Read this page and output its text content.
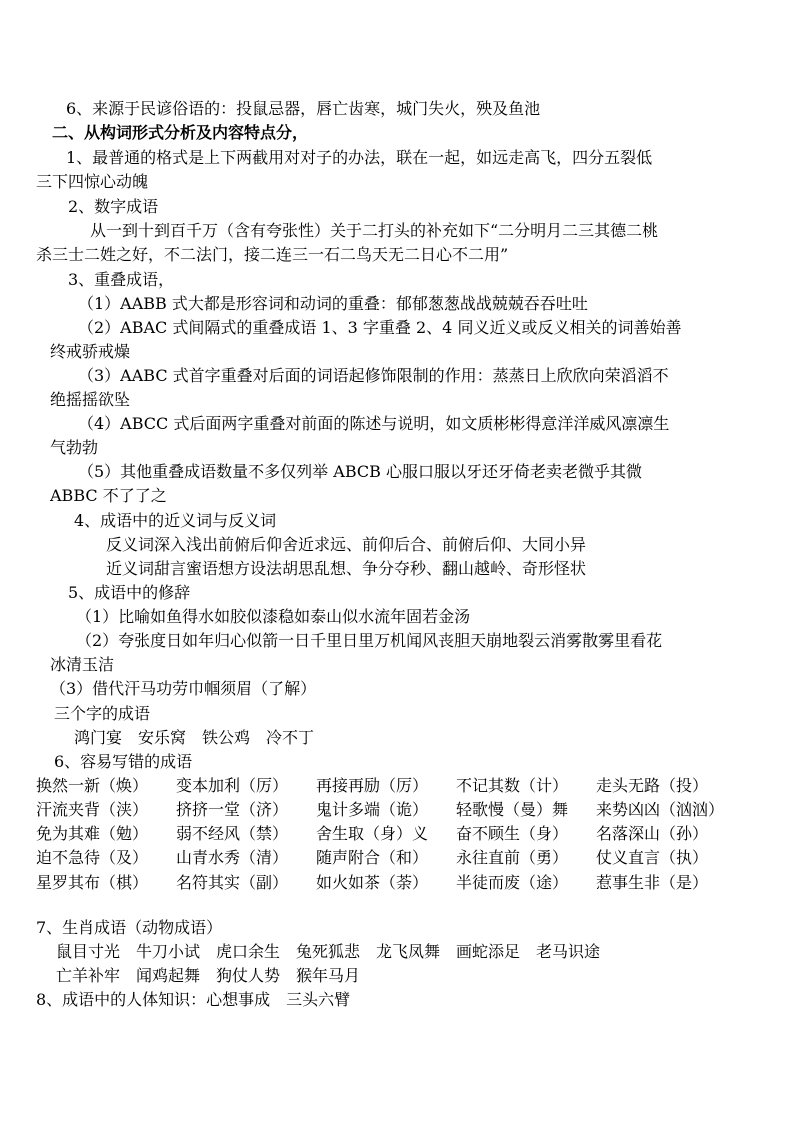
6、来源于民谚俗语的：投鼠忌器，唇亡齿寒，城门失火，殃及鱼池
二、从构词形式分析及内容特点分，
1、最普通的格式是上下两截用对对子的办法，联在一起，如远走高飞，四分五裂低
三下四惊心动魄
2、数字成语
从一到十到百千万（含有夸张性）关于二打头的补充如下“二分明月二三其德二桃
杀三士二姓之好，不二法门，接二连三一石二鸟天无二日心不二用”
3、重叠成语，
（1）AABB 式大都是形容词和动词的重叠：郁郁葱葱战战兢兢吞吞吐吐
（2）ABAC 式间隔式的重叠成语 1、3 字重叠 2、4 同义近义或反义相关的词善始善
终戒骄戒燥
（3）AABC 式首字重叠对后面的词语起修饰限制的作用：蒸蒸日上欣欣向荣滔滔不
绝摇摇欲坠
（4）ABCC 式后面两字重叠对前面的陈述与说明，如文质彬彬得意洋洋威风凛凛生
气勃勃
（5）其他重叠成语数量不多仅列举 ABCB 心服口服以牙还牙倚老卖老微乎其微
ABBC 不了了之
4、成语中的近义词与反义词
反义词深入浅出前俯后仰舍近求远、前仰后合、前俯后仰、大同小异
近义词甜言蜜语想方设法胡思乱想、争分夺秒、翻山越岭、奇形怪状
5、成语中的修辞
（1）比喻如鱼得水如胶似漆稳如泰山似水流年固若金汤
（2）夸张度日如年归心似箭一日千里日里万机闻风丧胆天崩地裂云消雾散雾里看花
冰清玉洁
（3）借代汗马功劳巾帼须眉（了解）
三个字的成语
鸿门宴　安乐窝　铁公鸡　冷不丁
6、容易写错的成语
换然一新（焕） 变本加利（厉） 再接再励（厉） 不记其数（计） 走头无路（投）
汗流夹背（浃） 挤挤一堂（济） 鬼计多端（诡） 轻歌慢（曼）舞 来势凶凶（汹汹）
免为其难（勉） 弱不经风（禁） 舍生取（身）义 奋不顾生（身） 名落深山（孙）
迫不急待（及） 山青水秀（清） 随声附合（和） 永往直前（勇） 仗义直言（执）
星罗其布（棋） 名符其实（副） 如火如茶（荼） 半徒而废（途） 惹事生非（是）
7、生肖成语（动物成语）
鼠目寸光　牛刀小试　虎口余生　兔死狐悲　龙飞凤舞　画蛇添足　老马识途
亡羊补牢　闻鸡起舞　狗仗人势　猴年马月
8、成语中的人体知识：心想事成　三头六臂
